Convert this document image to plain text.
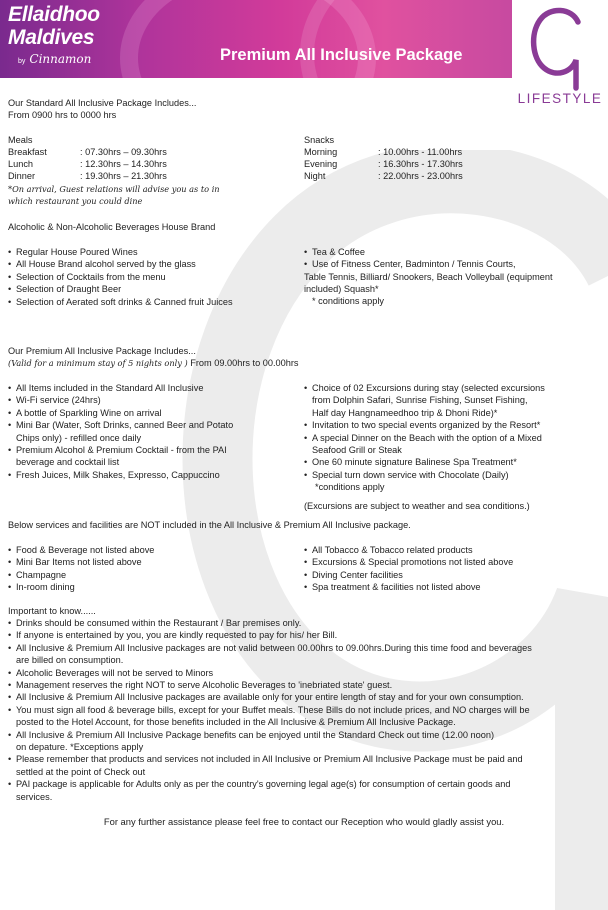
Ellaidhoo
Maldives
by Cinnamon	Premium All Inclusive Package
LIFESTYLE
Our Standard All Inclusive Package Includes...
From 0900 hrs to 0000 hrs
Meals
Breakfast	: 07.30hrs – 09.30hrs
Lunch	: 12.30hrs – 14.30hrs
Dinner	: 19.30hrs – 21.30hrs
*On arrival, Guest relations will advise you as to in
which restaurant you could dine
Snacks
Morning	: 10.00hrs - 11.00hrs
Evening	: 16.30hrs - 17.30hrs
Night	: 22.00hrs - 23.00hrs
Alcoholic & Non-Alcoholic Beverages House Brand
• Regular House Poured Wines
• All House Brand alcohol served by the glass
• Selection of Cocktails from the menu
• Selection of Draught Beer
• Selection of Aerated soft drinks & Canned fruit Juices
• Tea & Coffee
• Use of Fitness Center, Badminton / Tennis Courts,
Table Tennis, Billiard/ Snookers, Beach Volleyball (equipment
included) Squash*
* conditions apply
Our Premium All Inclusive Package Includes...
(Valid for a minimum stay of 5 nights only ) From 09.00hrs to 00.00hrs
• All Items included in the Standard All Inclusive
• Wi-Fi service (24hrs)
• A bottle of Sparkling Wine on arrival
• Mini Bar (Water, Soft Drinks, canned Beer and Potato
Chips only) - refilled once daily
• Premium Alcohol & Premium Cocktail - from the PAI
beverage and cocktail list
• Fresh Juices, Milk Shakes, Expresso, Cappuccino
• Choice of 02 Excursions during stay (selected excursions
from Dolphin Safari, Sunrise Fishing, Sunset Fishing,
Half day Hangnameedhoo trip & Dhoni Ride)*
• Invitation to two special events organized by the Resort*
• A special Dinner on the Beach with the option of a Mixed
Seafood Grill or Steak
• One 60 minute signature Balinese Spa Treatment*
• Special turn down service with Chocolate (Daily)
*conditions apply
(Excursions are subject to weather and sea conditions.)
Below services and facilities are NOT included in the All Inclusive & Premium All Inclusive package.
• Food & Beverage not listed above
• Mini Bar Items not listed above
• Champagne
• In-room dining
• All Tobacco & Tobacco related products
• Excursions & Special promotions not listed above
• Diving Center facilities
• Spa treatment & facilities not listed above
Important to know......
• Drinks should be consumed within the Restaurant / Bar premises only.
• If anyone is entertained by you, you are kindly requested to pay for his/ her Bill.
• All Inclusive & Premium All Inclusive packages are not valid between 00.00hrs to 09.00hrs.During this time food and beverages
are billed on consumption.
• Alcoholic Beverages will not be served to Minors
• Management reserves the right NOT to serve Alcoholic Beverages to 'inebriated state' guest.
• All Inclusive & Premium All Inclusive packages are available only for your entire length of stay and for your own consumption.
• You must sign all food & beverage bills, except for your Buffet meals. These Bills do not include prices, and NO charges will be
posted to the Hotel Account, for those benefits included in the All Inclusive & Premium All Inclusive Package.
• All Inclusive & Premium All Inclusive Package benefits can be enjoyed until the Standard Check out time (12.00 noon)
on depature. *Exceptions apply
• Please remember that products and services not included in All Inclusive or Premium All Inclusive Package must be paid and
settled at the point of Check out
• PAI package is applicable for Adults only as per the country's governing legal age(s) for consumption of certain goods and
services.
For any further assistance please feel free to contact our Reception who would gladly assist you.
